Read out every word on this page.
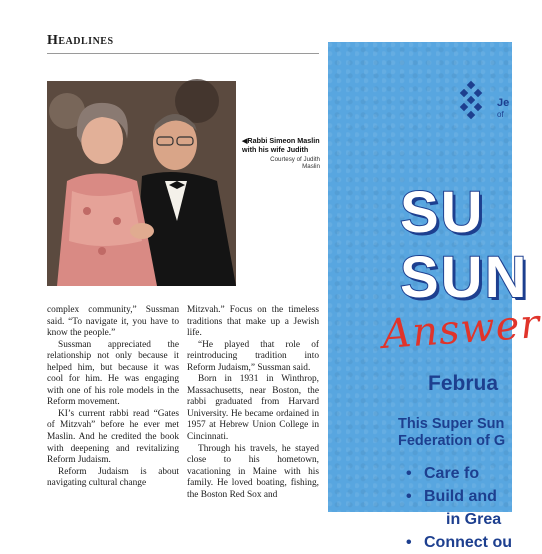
Headlines
◀Rabbi Simeon Maslin with his wife Judith
Courtesy of Judith
Maslin

complex community,” Sussman said. “To navigate it, you have to know the people.”

Sussman appreciated the relationship not only because it helped him, but because it was cool for him. He was engaging with one of his role models in the Reform movement.

KI’s current rabbi read “Gates of Mitzvah” before he ever met Maslin. And he credited the book with deepening and revitalizing Reform Judaism.

Reform Judaism is about navigating cultural change

Mitzvah.” Focus on the timeless traditions that make up a Jewish life.

“He played that role of reintroducing tradition into Reform Judaism,” Sussman said.

Born in 1931 in Winthrop, Massachusetts, near Boston, the rabbi graduated from Harvard University. He became ordained in 1957 at Hebrew Union College in Cincinnati.

Through his travels, he stayed close to his hometown, vacationing in Maine with his family. He loved boating, fishing, the Boston Red Sox and

Je
of
SU
SUN
Answer
Februa
This Super Sun
Federation of G
• Care fo
• Build and
in Grea
• Connect ou
